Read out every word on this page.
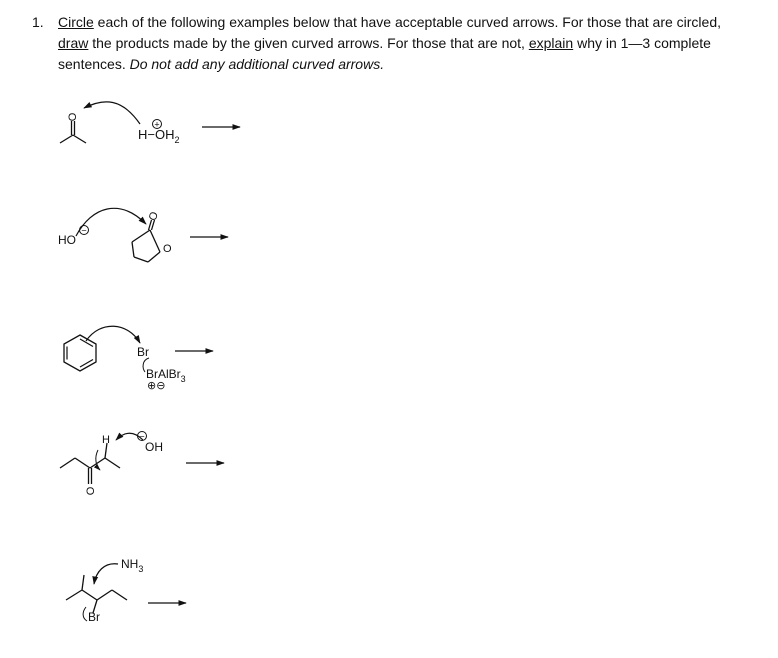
1. Circle each of the following examples below that have acceptable curved arrows. For those that are circled, draw the products made by the given curved arrows. For those that are not, explain why in 1—3 complete sentences. Do not add any additional curved arrows.
O
+
$H-OH_2$
HO
−
O
O
Br
BrAlBr$_3$
⊕⊖
O
H	−
OH
Br
$NH_3$
